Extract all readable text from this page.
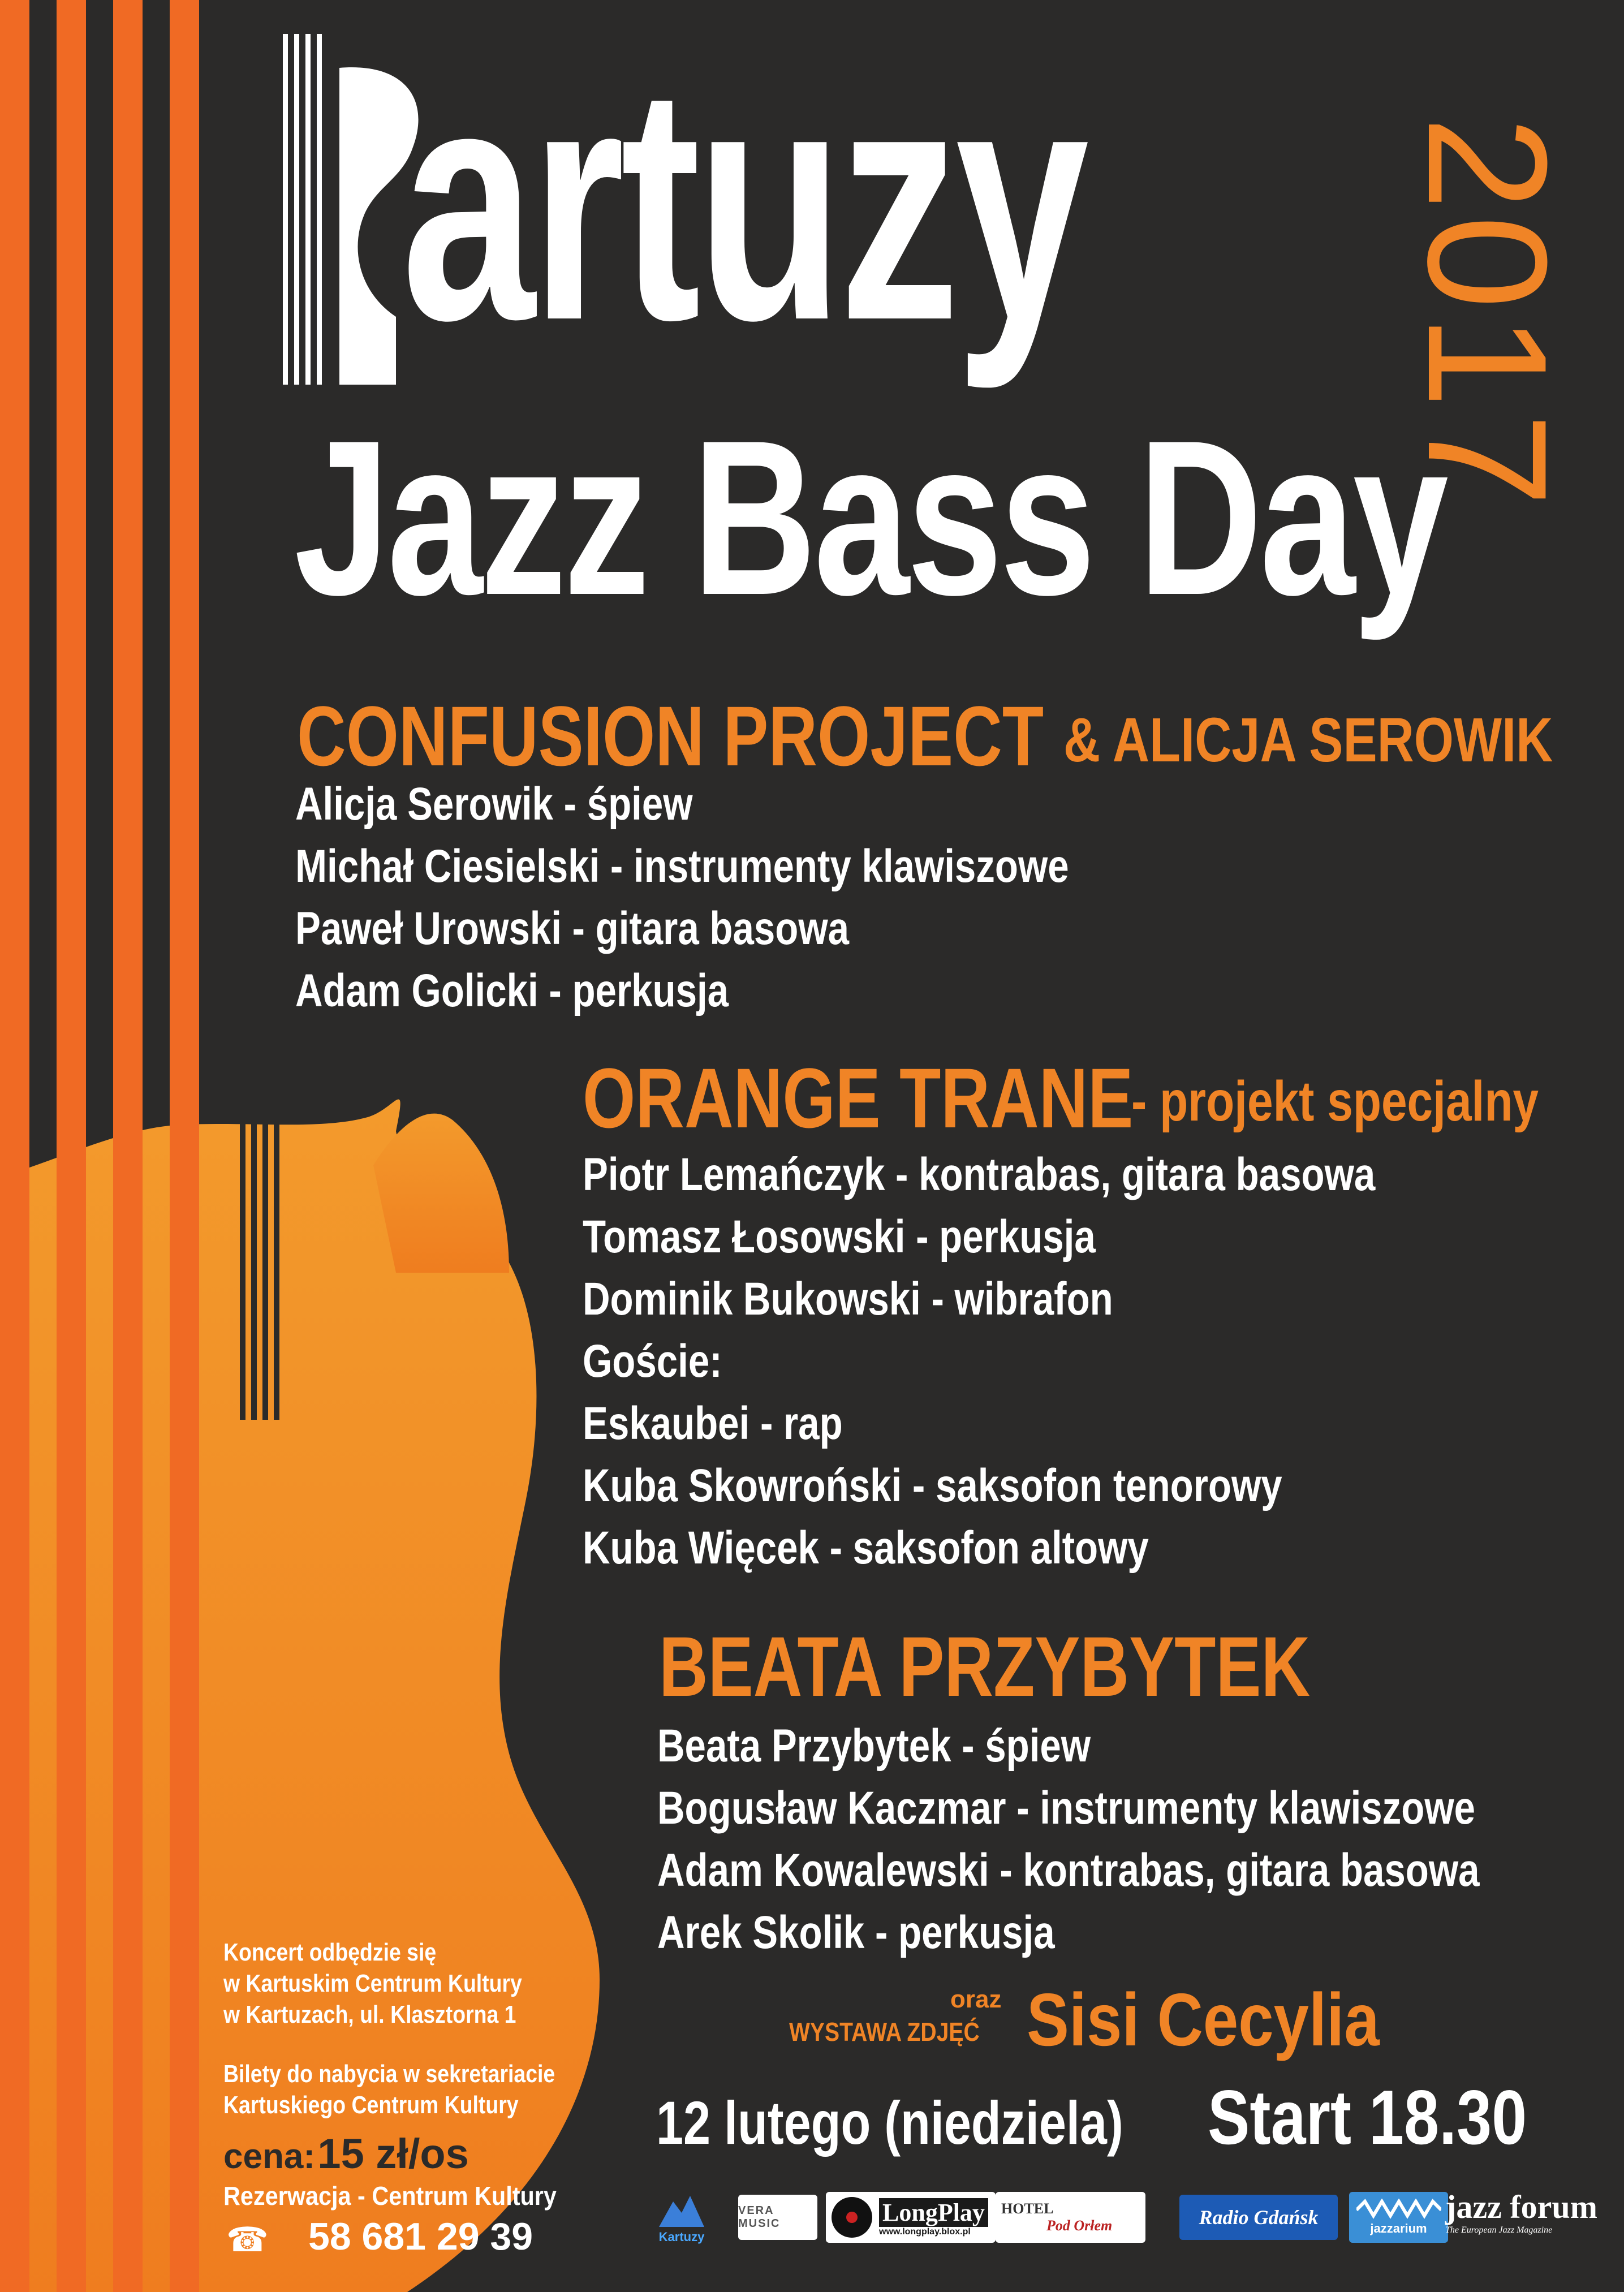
artuzy
Jazz Bass Day
2017
CONFUSION PROJECT & ALICJA SEROWIK
Alicja Serowik - śpiew
Michał Ciesielski - instrumenty klawiszowe
Paweł Urowski - gitara basowa
Adam Golicki - perkusja
ORANGE TRANE
- projekt specjalny
Piotr Lemańczyk - kontrabas, gitara basowa
Tomasz Łosowski - perkusja
Dominik Bukowski - wibrafon
Goście:
Eskaubei - rap
Kuba Skowroński - saksofon tenorowy
Kuba Więcek - saksofon altowy
BEATA PRZYBYTEK
Beata Przybytek - śpiew
Bogusław Kaczmar - instrumenty klawiszowe
Adam Kowalewski - kontrabas, gitara basowa
Arek Skolik - perkusja
oraz
WYSTAWA ZDJĘĆ Sisi Cecylia
12 lutego (niedziela) Start 18.30
Koncert odbędzie się
w Kartuskim Centrum Kultury
w Kartuzach, ul. Klasztorna 1
Bilety do nabycia w sekretariacie
Kartuskiego Centrum Kultury
cena: 15 zł/os
Rezerwacja - Centrum Kultury
☎ 58 681 29 39	Kartuzy
VERA MUSIC	LongPlay
www.longplay.blox.pl
HOTEL
Pod Orłem	Radio Gdańsk	jazzarium
jazz forum
The European Jazz Magazine
